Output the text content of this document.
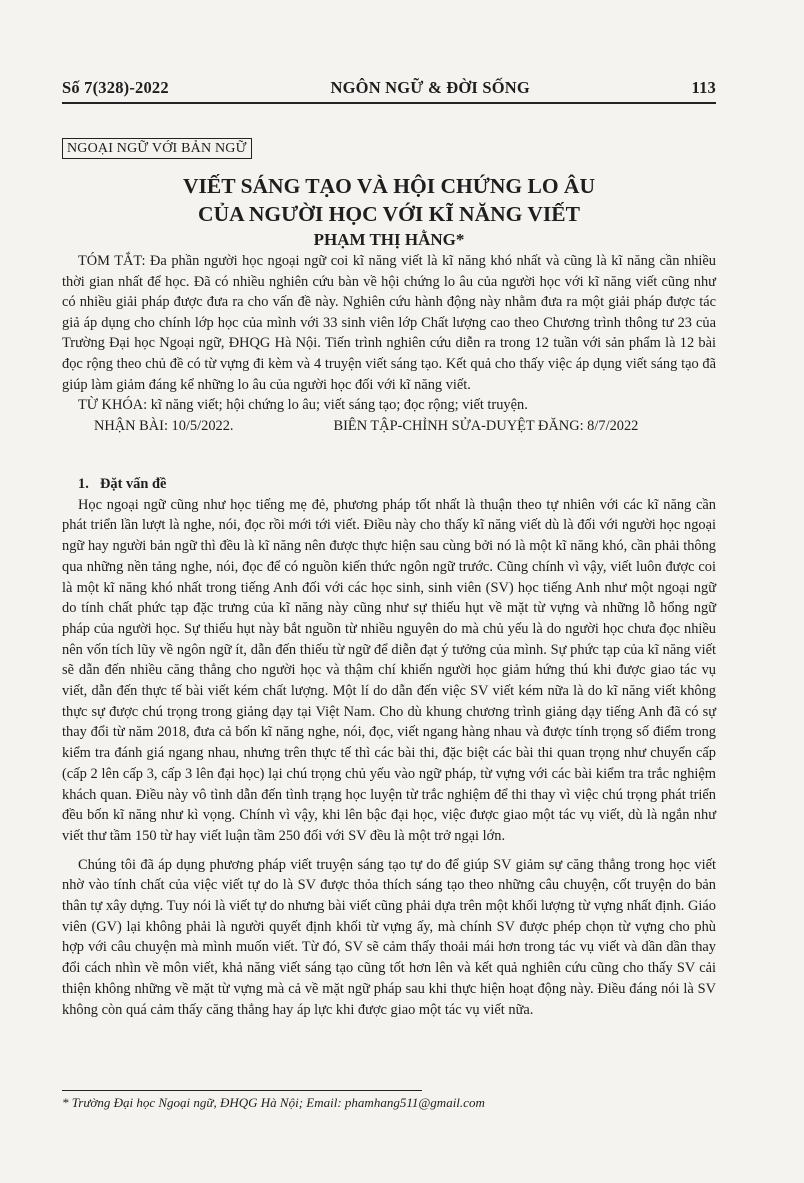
Số 7(328)-2022	NGÔN NGỮ & ĐỜI SỐNG	113
NGOẠI NGỮ VỚI BẢN NGỮ
VIẾT SÁNG TẠO VÀ HỘI CHỨNG LO ÂU
CỦA NGƯỜI HỌC VỚI KĨ NĂNG VIẾT
PHẠM THỊ HẰNG*

TÓM TẮT: Đa phần người học ngoại ngữ coi kĩ năng viết là kĩ năng khó nhất và cũng là kĩ năng cần nhiều thời gian nhất để học. Đã có nhiều nghiên cứu bàn về hội chứng lo âu của người học với kĩ năng viết cũng như có nhiều giải pháp được đưa ra cho vấn đề này. Nghiên cứu hành động này nhằm đưa ra một giải pháp được tác giả áp dụng cho chính lớp học của mình với 33 sinh viên lớp Chất lượng cao theo Chương trình thông tư 23 của Trường Đại học Ngoại ngữ, ĐHQG Hà Nội. Tiến trình nghiên cứu diễn ra trong 12 tuần với sản phẩm là 12 bài đọc rộng theo chủ đề có từ vựng đi kèm và 4 truyện viết sáng tạo. Kết quả cho thấy việc áp dụng viết sáng tạo đã giúp làm giảm đáng kể những lo âu của người học đối với kĩ năng viết.

TỪ KHÓA: kĩ năng viết; hội chứng lo âu; viết sáng tạo; đọc rộng; viết truyện.

NHẬN BÀI: 10/5/2022.	BIÊN TẬP-CHỈNH SỬA-DUYỆT ĐĂNG: 8/7/2022

1. Đặt vấn đề

Học ngoại ngữ cũng như học tiếng mẹ đẻ, phương pháp tốt nhất là thuận theo tự nhiên với các kĩ năng cần phát triển lần lượt là nghe, nói, đọc rồi mới tới viết. Điều này cho thấy kĩ năng viết dù là đối với người học ngoại ngữ hay người bản ngữ thì đều là kĩ năng nên được thực hiện sau cùng bởi nó là một kĩ năng khó, cần phải thông qua những nền tảng nghe, nói, đọc để có nguồn kiến thức ngôn ngữ trước. Cũng chính vì vậy, viết luôn được coi là một kĩ năng khó nhất trong tiếng Anh đối với các học sinh, sinh viên (SV) học tiếng Anh như một ngoại ngữ do tính chất phức tạp đặc trưng của kĩ năng này cũng như sự thiếu hụt về mặt từ vựng và những lỗ hổng ngữ pháp của người học. Sự thiếu hụt này bắt nguồn từ nhiều nguyên do mà chủ yếu là do người học chưa đọc nhiều nên vốn tích lũy về ngôn ngữ ít, dẫn đến thiếu từ ngữ để diễn đạt ý tưởng của mình. Sự phức tạp của kĩ năng viết sẽ dẫn đến nhiều căng thẳng cho người học và thậm chí khiến người học giảm hứng thú khi được giao tác vụ viết, dẫn đến thực tế bài viết kém chất lượng. Một lí do dẫn đến việc SV viết kém nữa là do kĩ năng viết không thực sự được chú trọng trong giảng dạy tại Việt Nam. Cho dù khung chương trình giảng dạy tiếng Anh đã có sự thay đổi từ năm 2018, đưa cả bốn kĩ năng nghe, nói, đọc, viết ngang hàng nhau và được tính trọng số điểm trong kiểm tra đánh giá ngang nhau, nhưng trên thực tế thì các bài thi, đặc biệt các bài thi quan trọng như chuyển cấp (cấp 2 lên cấp 3, cấp 3 lên đại học) lại chú trọng chủ yếu vào ngữ pháp, từ vựng với các bài kiểm tra trắc nghiệm khách quan. Điều này vô tình dẫn đến tình trạng học luyện từ trắc nghiệm để thi thay vì việc chú trọng phát triển đều bốn kĩ năng như kì vọng. Chính vì vậy, khi lên bậc đại học, việc được giao một tác vụ viết, dù là ngắn như viết thư tầm 150 từ hay viết luận tầm 250 đối với SV đều là một trở ngại lớn.

Chúng tôi đã áp dụng phương pháp viết truyện sáng tạo tự do để giúp SV giảm sự căng thẳng trong học viết nhờ vào tính chất của việc viết tự do là SV được thỏa thích sáng tạo theo những câu chuyện, cốt truyện do bản thân tự xây dựng. Tuy nói là viết tự do nhưng bài viết cũng phải dựa trên một khối lượng từ vựng nhất định. Giáo viên (GV) lại không phải là người quyết định khối từ vựng ấy, mà chính SV được phép chọn từ vựng cho phù hợp với câu chuyện mà mình muốn viết. Từ đó, SV sẽ cảm thấy thoải mái hơn trong tác vụ viết và dần dần thay đổi cách nhìn về môn viết, khả năng viết sáng tạo cũng tốt hơn lên và kết quả nghiên cứu cũng cho thấy SV cải thiện không những về mặt từ vựng mà cả về mặt ngữ pháp sau khi thực hiện hoạt động này. Điều đáng nói là SV không còn quá cảm thấy căng thẳng hay áp lực khi được giao một tác vụ viết nữa.

* Trường Đại học Ngoại ngữ, ĐHQG Hà Nội; Email: phamhang511@gmail.com
